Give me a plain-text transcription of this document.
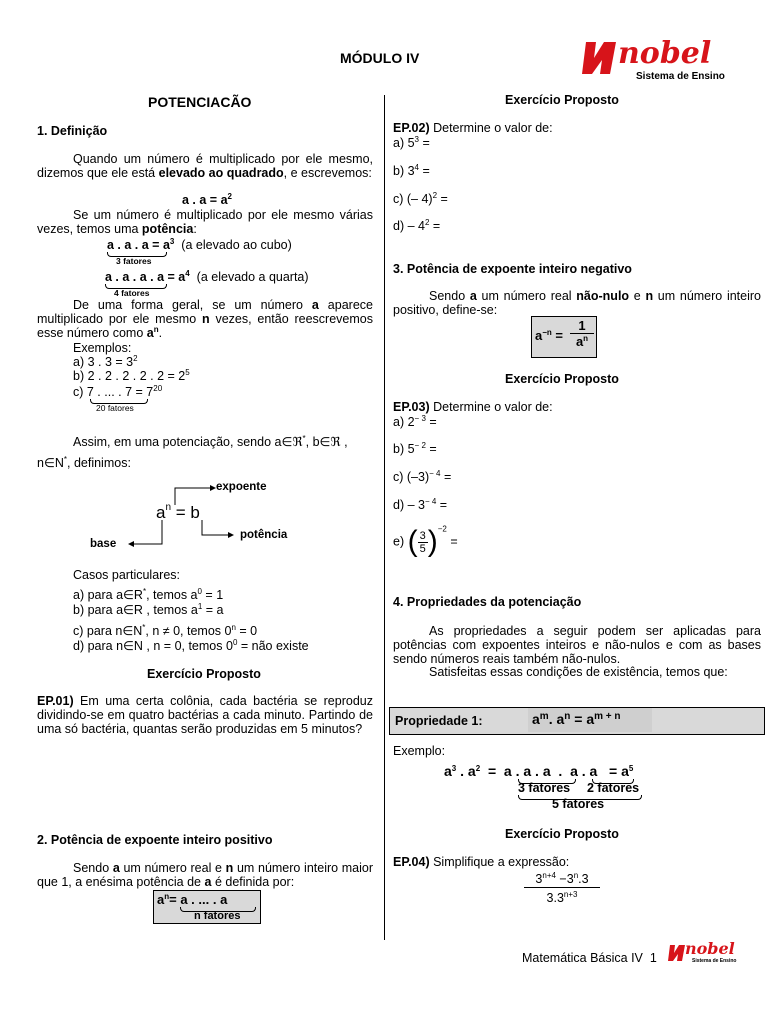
MÓDULO IV	nobel
Sistema de Ensino
POTENCIACÃO
1. Definição
Quando um número é multiplicado por ele mesmo, dizemos que ele está elevado ao quadrado, e escrevemos:
a . $a = a^2$
Se um número é multiplicado por ele mesmo várias vezes, temos uma potência:
a . a . $a = a^3$ (a elevado ao cubo)
3 fatores
a . a . a . $a = a^4$ (a elevado a quarta)
4 fatores
De uma forma geral, se um número a aparece multiplicado por ele mesmo n vezes, então reescrevemos esse número como $a^n$.
Exemplos:
a) 3 . $3 = 3^2$
b) 2 . 2 . 2 . 2 . $2 = 2^5$
c) 7 . ... . $7 = 7^{20}$
20 fatores
Assim, em uma potenciação, sendo a∈ℜ*, b∈ℜ ,
n∈N*, definimos:
$a^n = b$
expoente
base
potência
Casos particulares:
a) para a∈R*, temos $a^0 = 1$
b) para a∈R , temos $a^1 = a$
c) para n∈N*, n ≠ 0, temos $0^n = 0$
d) para n∈N , n = 0, temos $0^0$ = não existe
Exercício Proposto
EP.01) Em uma certa colônia, cada bactéria se reproduz dividindo-se em quatro bactérias a cada minuto. Partindo de uma só bactéria, quantas serão produzidas em 5 minutos?
2. Potência de expoente inteiro positivo
Sendo a um número real e n um número inteiro maior que 1, a enésima potência de a é definida por:
$a^n= a$ . ... . a
n fatores
Exercício Proposto
EP.02) Determine o valor de:
a) $5^3$ =
b) $3^4$ =
c) (– 4)$^2$ =
$d) - 4^2$ =
3. Potência de expoente inteiro negativo
Sendo a um número real não-nulo e n um número inteiro positivo, define-se:
$a^{-n}$ =
1
$a^n$
Exercício Proposto
EP.03) Determine o valor de:
a) $2^{- 3}$ =
b) $5^{- 2}$ =
c) $(-3)^{- 4}$ =
$d) - 3^{- 4}$ =
e) ( $\frac{3}{5} )^{-2}$ =
4. Propriedades da potenciação
As propriedades a seguir podem ser aplicadas para potências com expoentes inteiros e não-nulos e com as bases sendo números reais também não-nulos.
Satisfeitas essas condições de existência, temos que:
Propriedade 1:	$a^m$. $a^n = a^{m + n}$
Exemplo:
$a^3$ . $a^2 = a$ . a . a . a . $a = a^5$
3 fatores 2 fatores
5 fatores
Exercício Proposto
EP.04) Simplifique a expressão:
$3^{n+4} -3^n.3$
$3.3^{n+3}$
Matemática Básica IV 1 nobel
Sistema de Ensino
